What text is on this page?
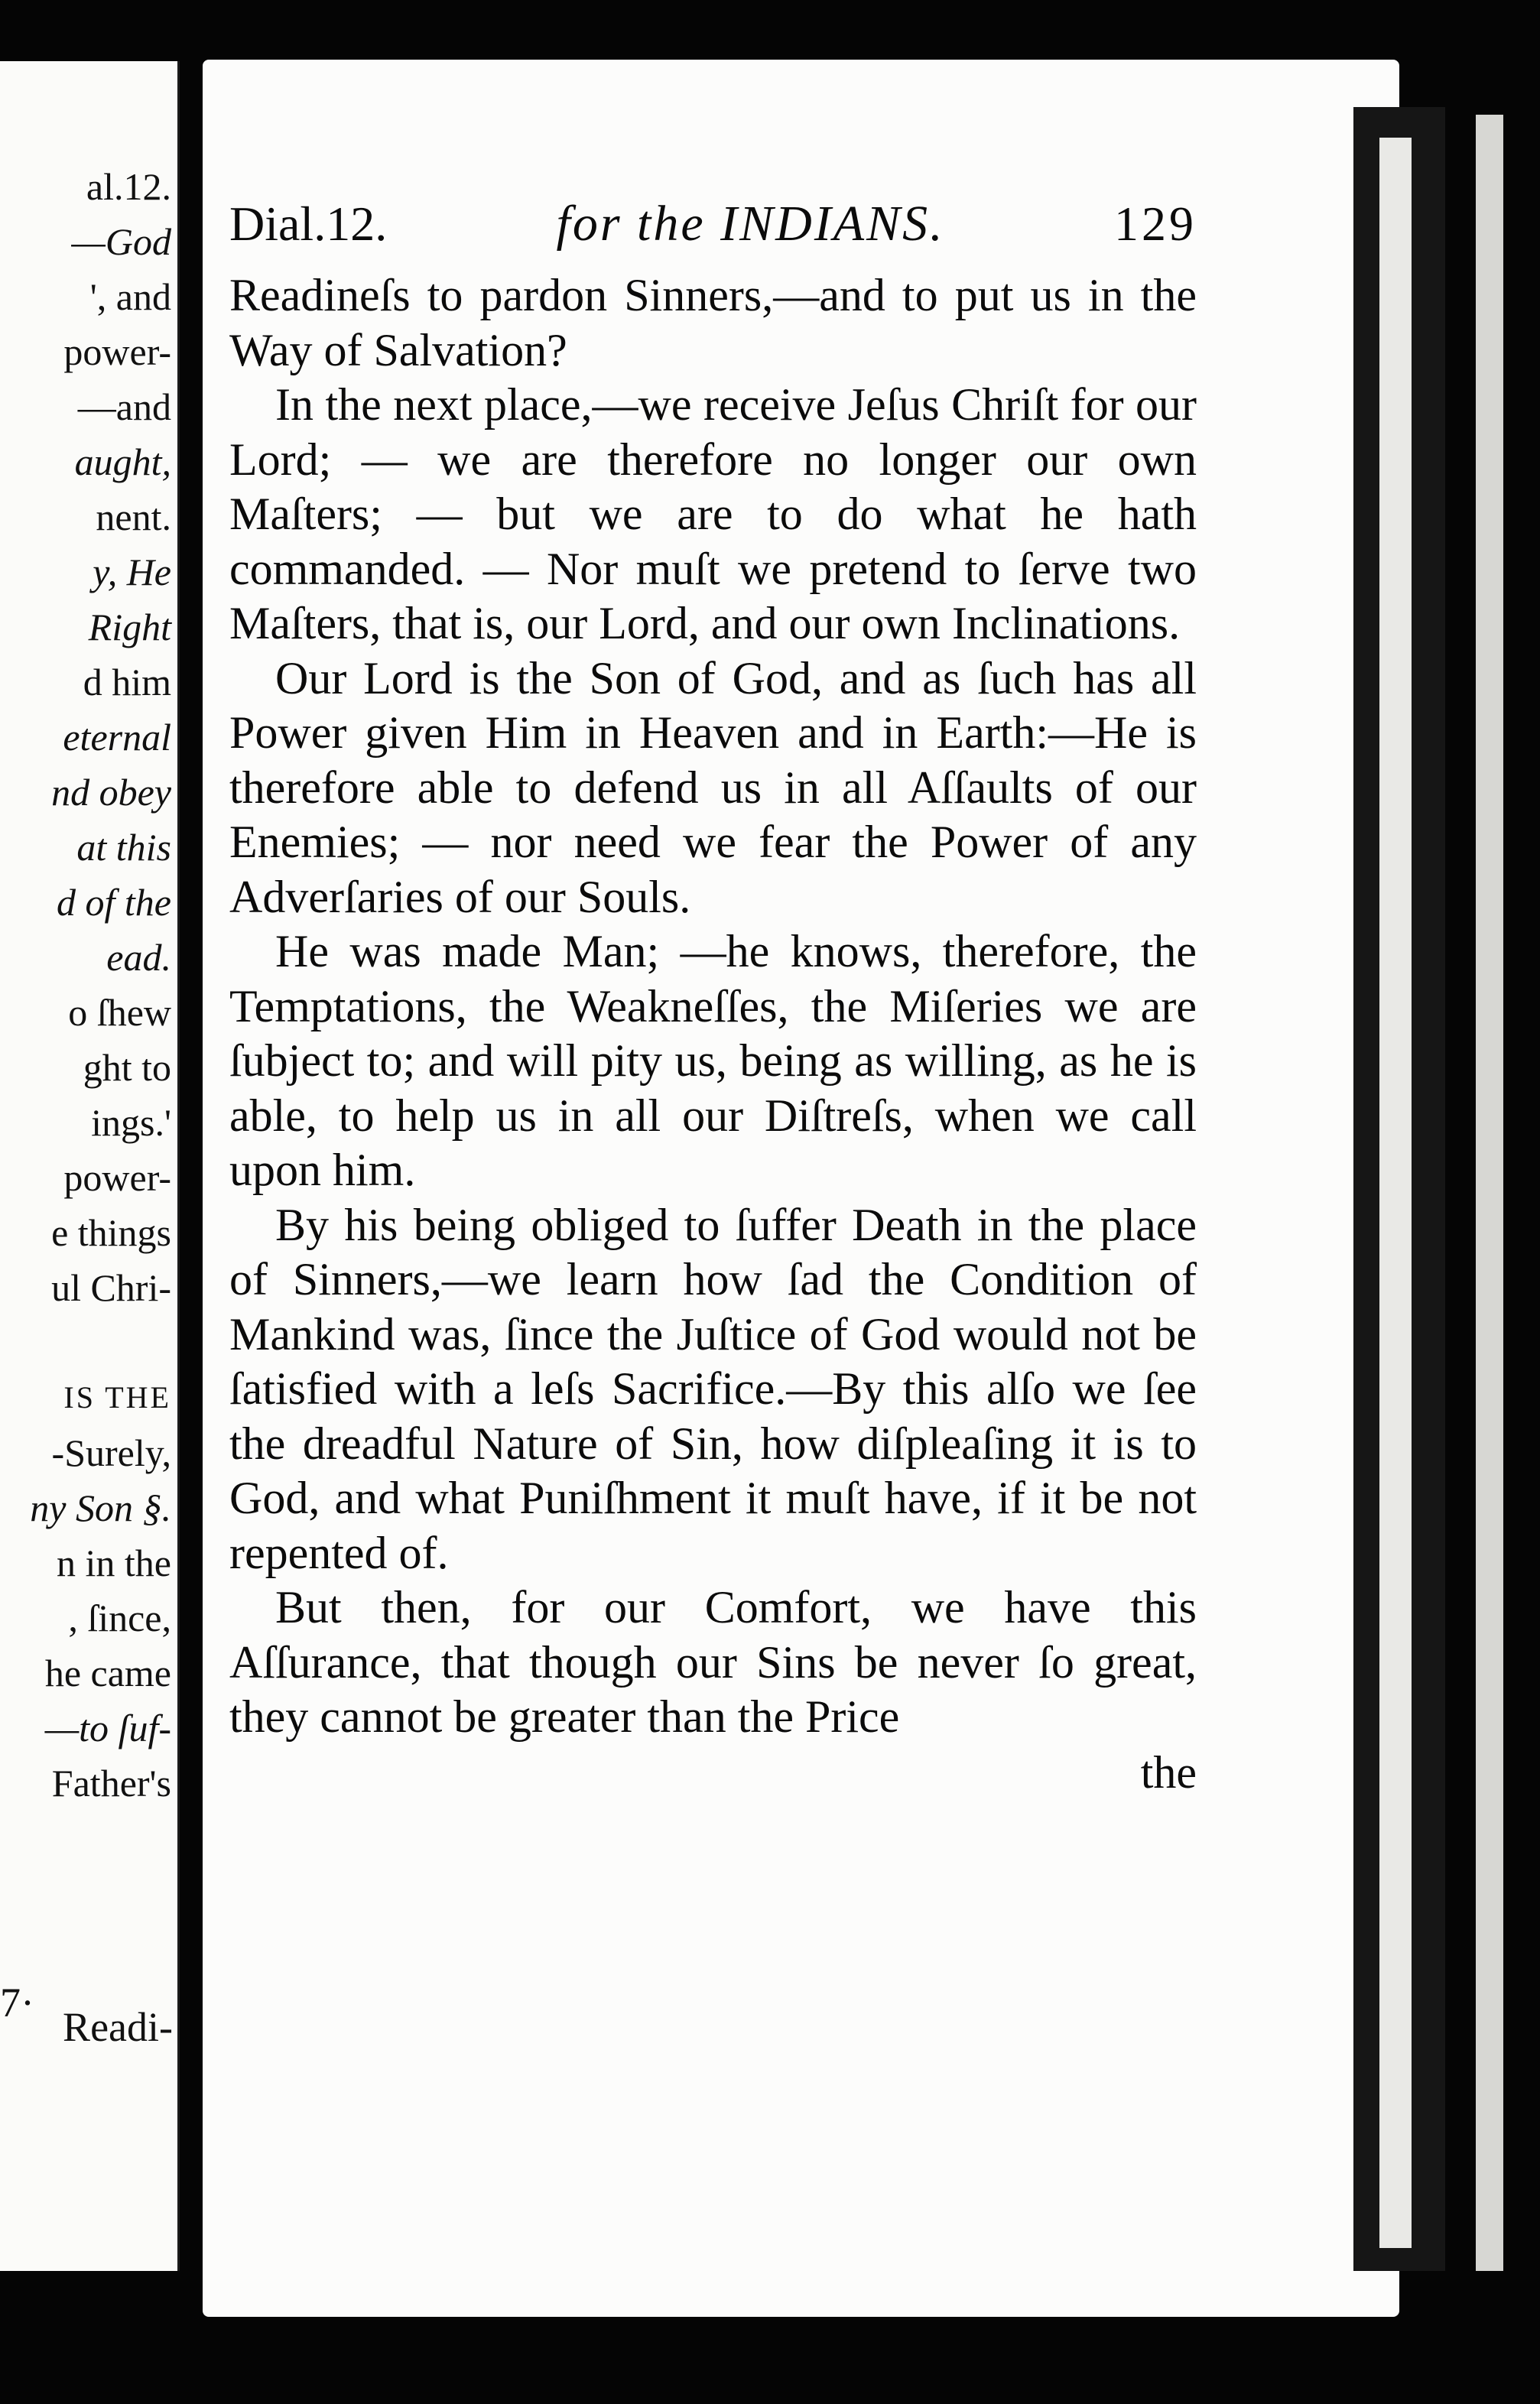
al.12.
—God
', and
power-
—and
aught,
nent.
y, He
Right
d him
eternal
nd obey
at this
d of the
ead.
o ſhew
ght to
ings.'
power-
e things
ul Chri-
IS THE
-Surely,
ny Son §.
n in the
, ſince,
he came
—to ſuf-
Father's
7·
Readi-
Dial.12.	for the INDIANS.	129

Readineſs to pardon Sinners,—and to put us in the Way of Salvation?

In the next place,—we receive Jeſus Chriſt for our Lord; — we are therefore no longer our own Maſters; — but we are to do what he hath commanded. — Nor muſt we pretend to ſerve two Maſters, that is, our Lord, and our own Inclinations.

Our Lord is the Son of God, and as ſuch has all Power given Him in Heaven and in Earth:—He is therefore able to defend us in all Aſſaults of our Enemies; — nor need we fear the Power of any Adverſaries of our Souls.

He was made Man; —he knows, therefore, the Temptations, the Weakneſſes, the Miſeries we are ſubject to; and will pity us, being as willing, as he is able, to help us in all our Diſtreſs, when we call upon him.

By his being obliged to ſuffer Death in the place of Sinners,—we learn how ſad the Condition of Mankind was, ſince the Juſtice of God would not be ſatisfied with a leſs Sacrifice.—By this alſo we ſee the dreadful Nature of Sin, how diſpleaſing it is to God, and what Puniſhment it muſt have, if it be not repented of.

But then, for our Comfort, we have this Aſſurance, that though our Sins be never ſo great, they cannot be greater than the Price

the
